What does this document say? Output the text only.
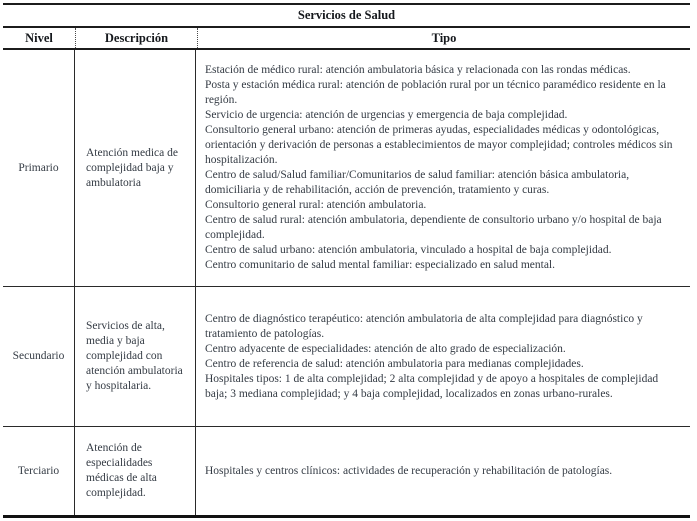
Servicios de Salud
Nivel	Descripción	Tipo
Primario
Atención medica de complejidad baja y ambulatoria
Estación de médico rural: atención ambulatoria básica y relacionada con las rondas médicas.
Posta y estación médica rural: atención de población rural por un técnico paramédico residente en la región.
Servicio de urgencia: atención de urgencias y emergencia de baja complejidad.
Consultorio general urbano: atención de primeras ayudas, especialidades médicas y odontológicas, orientación y derivación de personas a establecimientos de mayor complejidad; controles médicos sin hospitalización.
Centro de salud/Salud familiar/Comunitarios de salud familiar: atención básica ambulatoria, domiciliaria y de rehabilitación, acción de prevención, tratamiento y curas.
Consultorio general rural: atención ambulatoria.
Centro de salud rural: atención ambulatoria, dependiente de consultorio urbano y/o hospital de baja complejidad.
Centro de salud urbano: atención ambulatoria, vinculado a hospital de baja complejidad.
Centro comunitario de salud mental familiar: especializado en salud mental.
Secundario
Servicios de alta, media y baja complejidad con atención ambulatoria y hospitalaria.
Centro de diagnóstico terapéutico: atención ambulatoria de alta complejidad para diagnóstico y tratamiento de patologías.
Centro adyacente de especialidades: atención de alto grado de especialización.
Centro de referencia de salud: atención ambulatoria para medianas complejidades.
Hospitales tipos: 1 de alta complejidad; 2 alta complejidad y de apoyo a hospitales de complejidad baja; 3 mediana complejidad; y 4 baja complejidad, localizados en zonas urbano-rurales.
Terciario
Atención de especialidades médicas de alta complejidad.
Hospitales y centros clínicos: actividades de recuperación y rehabilitación de patologías.
